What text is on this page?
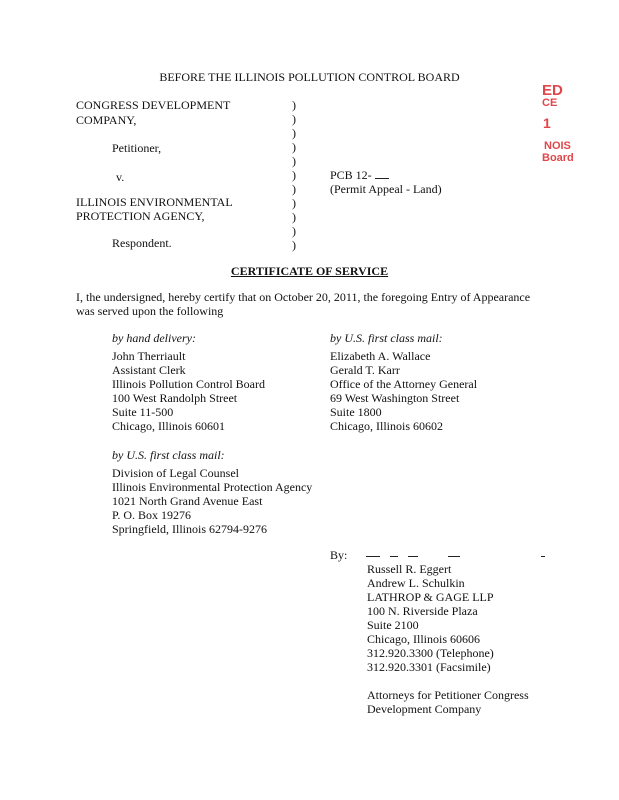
BEFORE THE ILLINOIS POLLUTION CONTROL BOARD
ED
CE
1
NOIS
Board
CONGRESS DEVELOPMENT
COMPANY,
Petitioner,
v.
ILLINOIS ENVIRONMENTAL
PROTECTION AGENCY,
Respondent.
)
)
)
)
)
)
)
)
)
)
)
PCB 12-
(Permit Appeal - Land)
CERTIFICATE OF SERVICE
I, the undersigned, hereby certify that on October 20, 2011, the foregoing Entry of Appearance
was served upon the following
by hand delivery:
John Therriault
Assistant Clerk
Illinois Pollution Control Board
100 West Randolph Street
Suite 11-500
Chicago, Illinois 60601
by U.S. first class mail:
Elizabeth A. Wallace
Gerald T. Karr
Office of the Attorney General
69 West Washington Street
Suite 1800
Chicago, Illinois 60602
by U.S. first class mail:
Division of Legal Counsel
Illinois Environmental Protection Agency
1021 North Grand Avenue East
P. O. Box 19276
Springfield, Illinois 62794-9276
By:
Russell R. Eggert
Andrew L. Schulkin
LATHROP & GAGE LLP
100 N. Riverside Plaza
Suite 2100
Chicago, Illinois 60606
312.920.3300 (Telephone)
312.920.3301 (Facsimile)
Attorneys for Petitioner Congress
Development Company
